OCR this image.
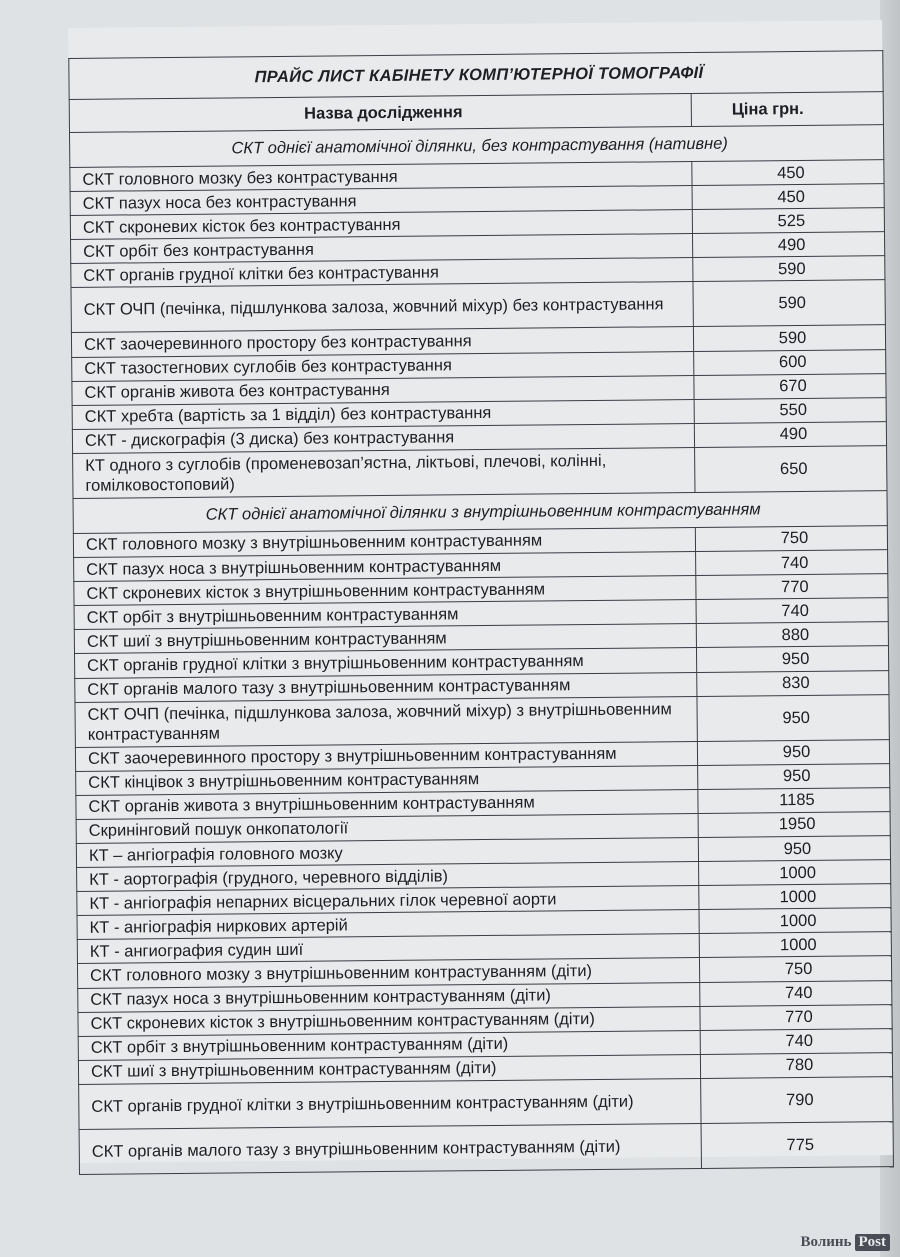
ПРАЙС ЛИСТ КАБІНЕТУ КОМП’ЮТЕРНОЇ ТОМОГРАФІЇ	
Назва дослідження	Ціна грн.
СКТ однієї анатомічної ділянки, без контрастування (нативне)	
СКТ головного мозку без контрастування	450
СКТ пазух носа без контрастування	450
СКТ скроневих кісток без контрастування	525
СКТ орбіт без контрастування	490
СКТ органів грудної клітки без контрастування	590
СКТ ОЧП (печінка, підшлункова залоза, жовчний міхур) без контрастування	590
СКТ заочеревинного простору без контрастування	590
СКТ тазостегнових суглобів без контрастування	600
СКТ органів живота без контрастування	670
СКТ хребта (вартість за 1 відділ) без контрастування	550
СКТ - дискографія (3 диска) без контрастування	490
КТ одного з суглобів (променевозап’ястна, ліктьові, плечові, колінні, гомілковостоповий)	650
СКТ однієї анатомічної ділянки з внутрішньовенним контрастуванням	
СКТ головного мозку з внутрішньовенним контрастуванням	750
СКТ пазух носа з внутрішньовенним контрастуванням	740
СКТ скроневих кісток з внутрішньовенним контрастуванням	770
СКТ орбіт з внутрішньовенним контрастуванням	740
СКТ шиї з внутрішньовенним контрастуванням	880
СКТ органів грудної клітки з внутрішньовенним контрастуванням	950
СКТ органів малого тазу з внутрішньовенним контрастуванням	830
СКТ ОЧП (печінка, підшлункова залоза, жовчний міхур) з внутрішньовенним контрастуванням	950
СКТ заочеревинного простору з внутрішньовенним контрастуванням	950
СКТ кінцівок з внутрішньовенним контрастуванням	950
СКТ органів живота з внутрішньовенним контрастуванням	1185
Скринінговий пошук онкопатології	1950
КТ – ангіографія головного мозку	950
КТ - аортографія (грудного, черевного відділів)	1000
КТ - ангіографія непарних вісцеральних гілок черевної аорти	1000
КТ - ангіографія ниркових артерій	1000
КТ - ангиография судин шиї	1000
СКТ головного мозку з внутрішньовенним контрастуванням (діти)	750
СКТ пазух носа з внутрішньовенним контрастуванням (діти)	740
СКТ скроневих кісток з внутрішньовенним контрастуванням (діти)	770
СКТ орбіт з внутрішньовенним контрастуванням (діти)	740
СКТ шиї з внутрішньовенним контрастуванням (діти)	780
СКТ органів грудної клітки з внутрішньовенним контрастуванням (діти)	790
СКТ органів малого тазу з внутрішньовенним контрастуванням (діти)	775
Волинь Post
